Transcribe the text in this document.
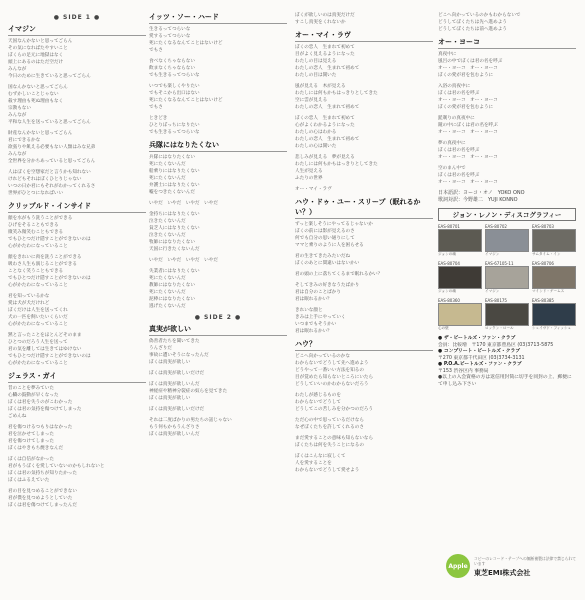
● SIDE 1 ●
イマジン
天国なんかないと思ってごらん
その気になればたやすいこと
ぼくらの足元に地獄はなく
頭上にあるのはただ空だけ
みんなが
今日のために生きていると思ってごらん
国なんかないと思ってごらん
むずかしいことじゃない
殺す理由も死ぬ理由もなく
宗教もない
みんなが
平和な人生を送っていると思ってごらん
財産なんかないと思ってごらん
君にできるかな
欲張りや飢える必要もない人類はみな兄弟
みんなが
全世界を分かちあっていると思ってごらん
人はぼくを空想家だと言うかも知れない
けれどもそれはぼくひとりじゃない
いつの日か君にもそれがわかってくれるさ
世界がひとつになればいい
クリップルド・インサイド
顔を水がもう洗うことができる
ひげをそることもできる
微笑み微笑むこともできる
でもひとつだけ隠すことができないのは
心がかたわになっていること
顔をきれいに肉を洗うことができる
吸わさ人生も演じることができる
ことなく笑うこともできる
でもひとつだけ隠すことができないのは
心がかたわになっていること
君を知っているかな
愛は犬が犬だけれど
ぼくだけは人生を送ってくれ
犬の一匹を飼いたいくらいだ
心がかたわになっていること
黙と言ったことをほとんどそのまま
ひとつのだろう人生を送って
君の気を離しては生きてはゆけない
でもひとつだけ隠すことができないのは
心がかたわになっていること
ジェラス・ガイ
昔のことを夢みていた
心臓の鼓動が早くなった
ぼくは君を失うのがこわかった
ぼくは君の気持を傷つけてしまった
ごめんね
君を傷つけるつもりはなかった
君を泣かせてしまった
君を傷つけてしまった
ぼくはやきもち焼きなんだ
ぼくは自信がなかった
君がもうぼくを愛していないのかもしれないと
ぼくは君の気持ちが知りたかった
ぼくはふるえていた
君の目を見つめることができない
君が僕を見つめようとしていた
ぼくは君を傷つけてしまったんだ
イッツ・ソー・ハード
生きるってつらいな
愛するってつらいな
死にたくなるなんてことはないけど
でもさ
食べなくちゃならない
飲まなくちゃならない
でも生きるってつらいな
いつでも楽しくやりたい
でもそこから出口はない
死にたくなるなんてことはないけど
でもさ
ときどき
ひとりぼっちになりたい
でも生きるってつらいな
兵隊にはなりたくない
兵隊にはなりたくない
死にたくないんだ
船乗りにはなりたくない
死にたくないんだ
弁護士にはなりたくない
嘘をつきたくないんだ
いやだ　いやだ　いやだ　いやだ
金持ちにはなりたくない
泣きたくないんだ
貧乏人にはなりたくない
泣きたくないんだ
牧師にはなりたくない
天国に行きたくないんだ
いやだ　いやだ　いやだ　いやだ
失業者にはなりたくない
死にたくないんだ
教師にはなりたくない
死にたくないんだ
泥棒にはなりたくない
逃げたくないんだ
● SIDE 2 ●
真実が欲しい
偽善者たちを聞いてきた
うんざりだ
事故に遭いそうになったんだ
ぼくは真実が欲しい
ぼくは真実が欲しいだけだ
ぼくは真実が欲しいんだ
神経症や精神分裂症の奴らを見てきた
ぼくは真実が欲しい
ぼくは真実が欲しいだけだ
それは二度ばかりの男たちの話じゃない
もう何もかもうんざりさ
ぼくは真実が欲しいんだ
ぼくが欲しいのは真実だけだ
すこし真実をくれないか
オー・マイ・ラヴ
ぼくの恋人　生まれて初めて
目がよく見えるようになった
わたしの目は見える
わたしの恋人　生まれて初めて
わたしの目は開いた
風が見える　木が見える
わたしには何もかもはっきりとしてきた
空に雲が見える
わたしの恋人　生まれて初めて
ぼくの恋人　生まれて初めて
心がよくわかるようになった
わたしの心はわかる
わたしの恋人　生まれて初めて
わたしの心は開いた
悲しみが見える　夢が見える
わたしには何もかもはっきりとしてきた
人生が見える
ふたりの世界
オー・マイ・ラヴ
ハウ・ドゥ・ユー・スリープ（眠れるかい？）
ずっと楽しそうにやってるじゃないか
ぼくの前には影が見えるのさ
何でも自分の思い通りにして
ママと乗りのように人を困らせる
君の生きてきたみたいだね
ぼくのあとに間違いはないかい
君の頭の上に落ちてくるまで眠れるかい？
そしてきみの好きなうたばかり
君は自分のことばかり
君は眠れるかい？
きれいな顔と
きみは上手にやっていく
いつまでもそうかい
君は眠れるかい？
ハウ？
どこへ向かっているのかな
わからないでどうして先へ進めよう
どうやって一番いい方法を知るの
目が覚めたら知らないところにいたら
どうしていいのかわからないだろう
わたしが感じるものを
わからないでどうして
どうしてこの苦しみを分かつのだろう
ただ心の中で思っているだけなら
なぜぼくたちを許してくれるのさ
まだ愛することの意味も知らないなら
ぼくたちは何を失うことになるの
ぼくはこんなに寂しくて
人を愛することを
わからないでどうして愛せよう
どこへ向かっているのかもわからないで
どうしてぼくたちは先へ進めよう
どうしてぼくたちは前へ進めよう
オー・ヨーコ
真夜中に
風呂の中でぼくは君の名を呼ぶ
オー・ヨーコ　オー・ヨーコ
ぼくの愛が君を包むように
入浴の真夜中に
ぼくは君の名を呼ぶ
オー・ヨーコ　オー・ヨーコ
ぼくの愛が君を包むように
髭剃りの真夜中に
鏡の中にぼくは君の名を呼ぶ
オー・ヨーコ　オー・ヨーコ
夢の真夜中に
ぼくは君の名を呼ぶ
オー・ヨーコ　オー・ヨーコ
空のまん中で
ぼくは君の名を呼ぶ
オー・ヨーコ　オー・ヨーコ
日本語訳：ヨーコ・オノ　YOKO ONO
歌詞対訳：今野雄二　YUJI KONNO
ジョン・レノン・ディスコグラフィー
EAS-80701
ジョンの魂
EAS-80702
イマジン
EAS-80703
サムタイム・イン
EAS-80704
ジョンの魂
EAS-67105-11
イマジン
EAS-80706
マインド・ゲームス
EAS-80360
心の壁
EAS-80175
ロックン・ロール
EAS-80385
シェイヴド・フィッシュ
● ザ・ビートルズ・ファン・クラブ
会員：比較増　〒170 東京都豊島区 (03)3713-5875
● コンプリート・ビートルズ・クラブ
〒270 東京都千代田区 (03)3734-3131
● P.O.A.ビートルズ・ファン・クラブ
〒153 渋谷区内 事務局
●以上の入会資格の方は返信用封筒に切手を同封の上、郵便にて申し込み下さい
Apple
コピーのレコード・テープへの無断複製は法律で禁じられています
東芝EMI株式会社
